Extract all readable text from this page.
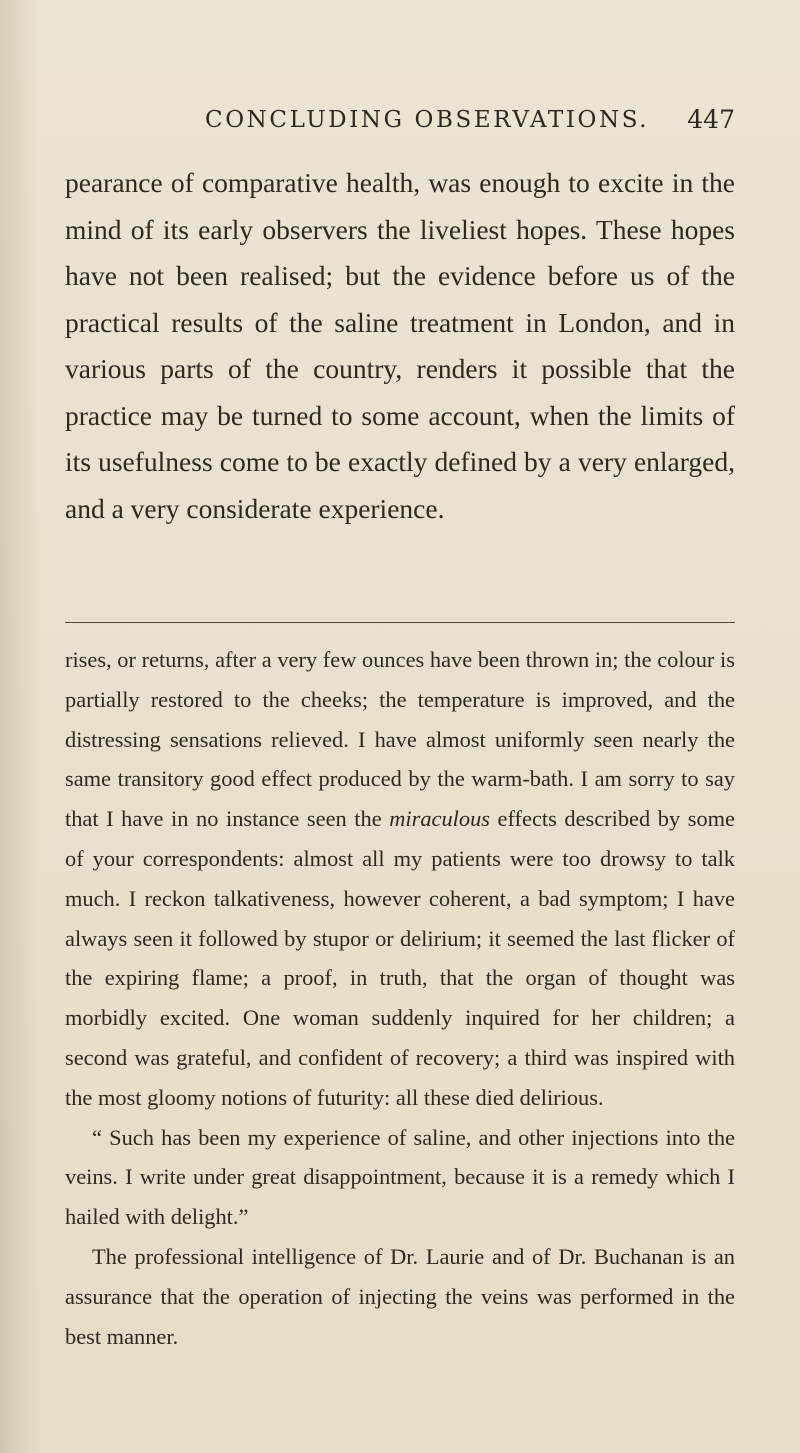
CONCLUDING OBSERVATIONS. 447

pearance of comparative health, was enough to excite in the mind of its early observers the liveliest hopes. These hopes have not been realised; but the evidence before us of the practical results of the saline treatment in London, and in various parts of the country, renders it possible that the practice may be turned to some account, when the limits of its usefulness come to be exactly defined by a very enlarged, and a very considerate experience.

rises, or returns, after a very few ounces have been thrown in; the colour is partially restored to the cheeks; the temperature is improved, and the distressing sensations relieved. I have almost uniformly seen nearly the same transitory good effect produced by the warm-bath. I am sorry to say that I have in no instance seen the miraculous effects described by some of your correspondents: almost all my patients were too drowsy to talk much. I reckon talkativeness, however coherent, a bad symptom; I have always seen it followed by stupor or delirium; it seemed the last flicker of the expiring flame; a proof, in truth, that the organ of thought was morbidly excited. One woman suddenly inquired for her children; a second was grateful, and confident of recovery; a third was inspired with the most gloomy notions of futurity: all these died delirious.

“ Such has been my experience of saline, and other injections into the veins. I write under great disappointment, because it is a remedy which I hailed with delight.”

The professional intelligence of Dr. Laurie and of Dr. Buchanan is an assurance that the operation of injecting the veins was performed in the best manner.
